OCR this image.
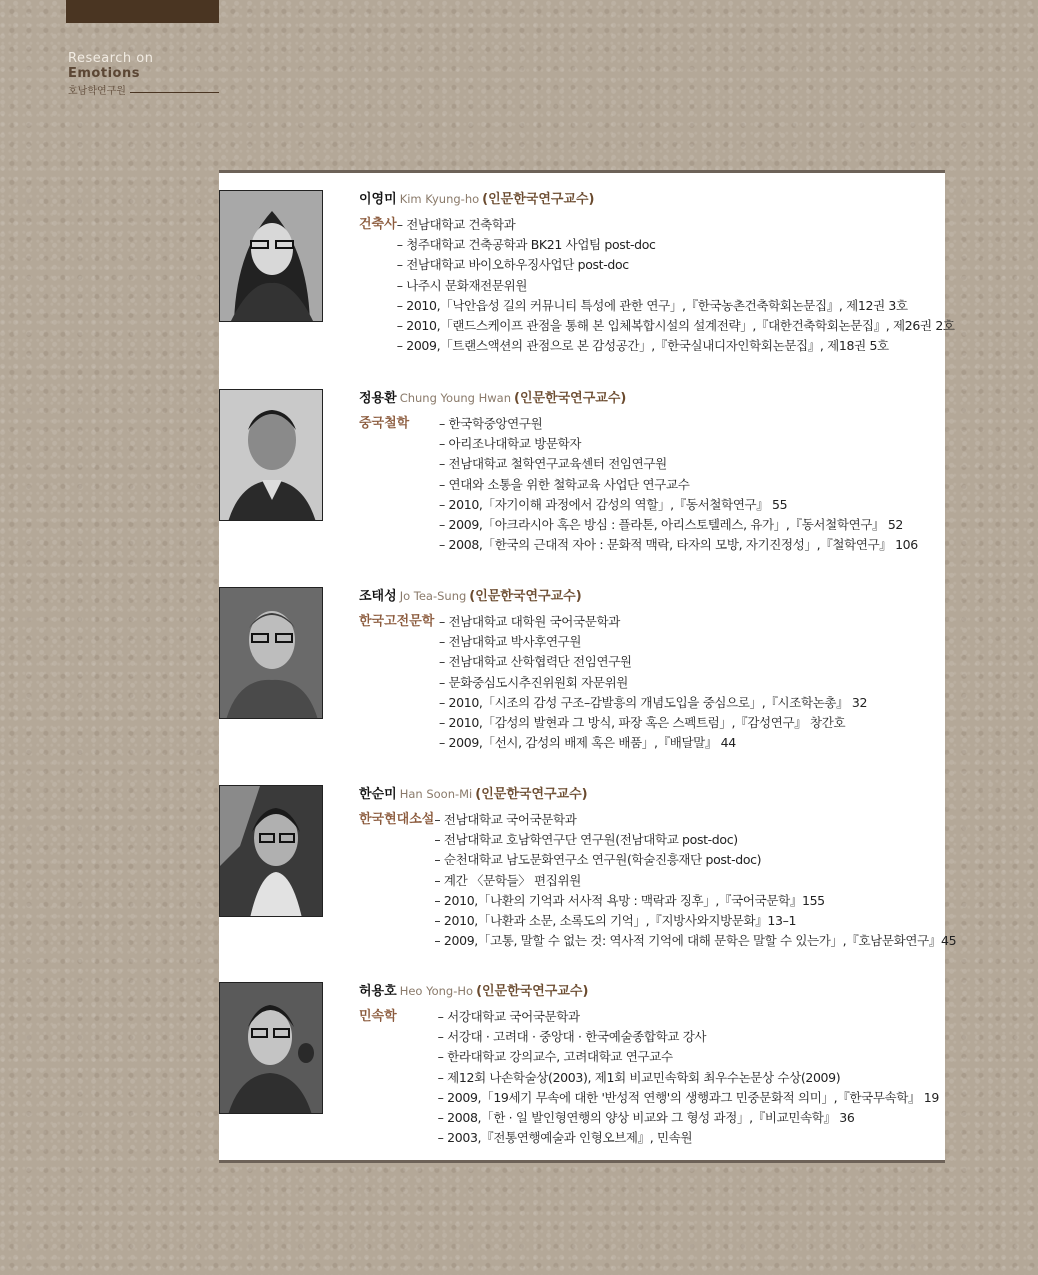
Research on Emotions
호남학연구원
이영미 Kim Kyung-ho (인문한국연구교수)
건축사 – 전남대학교 건축학과
– 청주대학교 건축공학과 BK21 사업팀 post-doc
– 전남대학교 바이오하우징사업단 post-doc
– 나주시 문화재전문위원
– 2010,「낙안읍성 길의 커뮤니티 특성에 관한 연구」,『한국농촌건축학회논문집』, 제12권 3호
– 2010,「랜드스케이프 관점을 통해 본 입체복합시설의 설계전략」,『대한건축학회논문집』, 제26권 2호
– 2009,「트랜스액션의 관점으로 본 감성공간」,『한국실내디자인학회논문집』, 제18권 5호
정용환 Chung Young Hwan (인문한국연구교수)
중국철학	– 한국학중앙연구원
– 아리조나대학교 방문학자
– 전남대학교 철학연구교육센터 전임연구원
– 연대와 소통을 위한 철학교육 사업단 연구교수
– 2010,「자기이해 과정에서 감성의 역할」,『동서철학연구』 55
– 2009,「아크라시아 혹은 방심 : 플라톤, 아리스토텔레스, 유가」,『동서철학연구』 52
– 2008,「한국의 근대적 자아 : 문화적 맥락, 타자의 모방, 자기진정성」,『철학연구』 106
조태성 Jo Tea-Sung (인문한국연구교수)
한국고전문학 – 전남대학교 대학원 국어국문학과
– 전남대학교 박사후연구원
– 전남대학교 산학협력단 전임연구원
– 문화중심도시추진위원회 자문위원
– 2010,「시조의 감성 구조–감발흥의 개념도입을 중심으로」,『시조학논총』 32
– 2010,「감성의 발현과 그 방식, 파장 혹은 스펙트럼」,『감성연구』 창간호
– 2009,「선시, 감성의 배제 혹은 배품」,『배달말』 44
한순미 Han Soon-Mi (인문한국연구교수)
한국현대소설 – 전남대학교 국어국문학과
– 전남대학교 호남학연구단 연구원(전남대학교 post-doc)
– 순천대학교 남도문화연구소 연구원(학술진흥재단 post-doc)
– 계간 〈문학들〉 편집위원
– 2010,「나환의 기억과 서사적 욕망 : 맥락과 징후」,『국어국문학』155
– 2010,「나환과 소문, 소록도의 기억」,『지방사와지방문화』13–1
– 2009,「고통, 말할 수 없는 것: 역사적 기억에 대해 문학은 말할 수 있는가」,『호남문화연구』45
허용호 Heo Yong-Ho (인문한국연구교수)
민속학	– 서강대학교 국어국문학과
– 서강대 · 고려대 · 중앙대 · 한국예술종합학교 강사
– 한라대학교 강의교수, 고려대학교 연구교수
– 제12회 나손학술상(2003), 제1회 비교민속학회 최우수논문상 수상(2009)
– 2009,「19세기 무속에 대한 '반성적 연행'의 생행과그 민중문화적 의미」,『한국무속학』 19
– 2008,「한 · 일 발인형연행의 양상 비교와 그 형성 과정」,『비교민속학』 36
– 2003,『전통연행예술과 인형오브제』, 민속원
